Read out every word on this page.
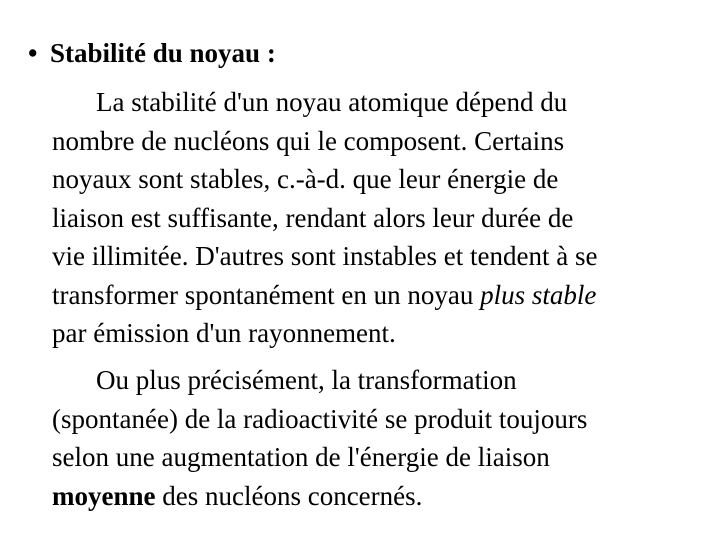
• Stabilité du noyau :
La stabilité d'un noyau atomique dépend du
nombre de nucléons qui le composent. Certains
noyaux sont stables, c.-à-d. que leur énergie de
liaison est suffisante, rendant alors leur durée de
vie illimitée. D'autres sont instables et tendent à se
transformer spontanément en un noyau plus stable
par émission d'un rayonnement.
Ou plus précisément, la transformation
(spontanée) de la radioactivité se produit toujours
selon une augmentation de l'énergie de liaison
moyenne des nucléons concernés.
